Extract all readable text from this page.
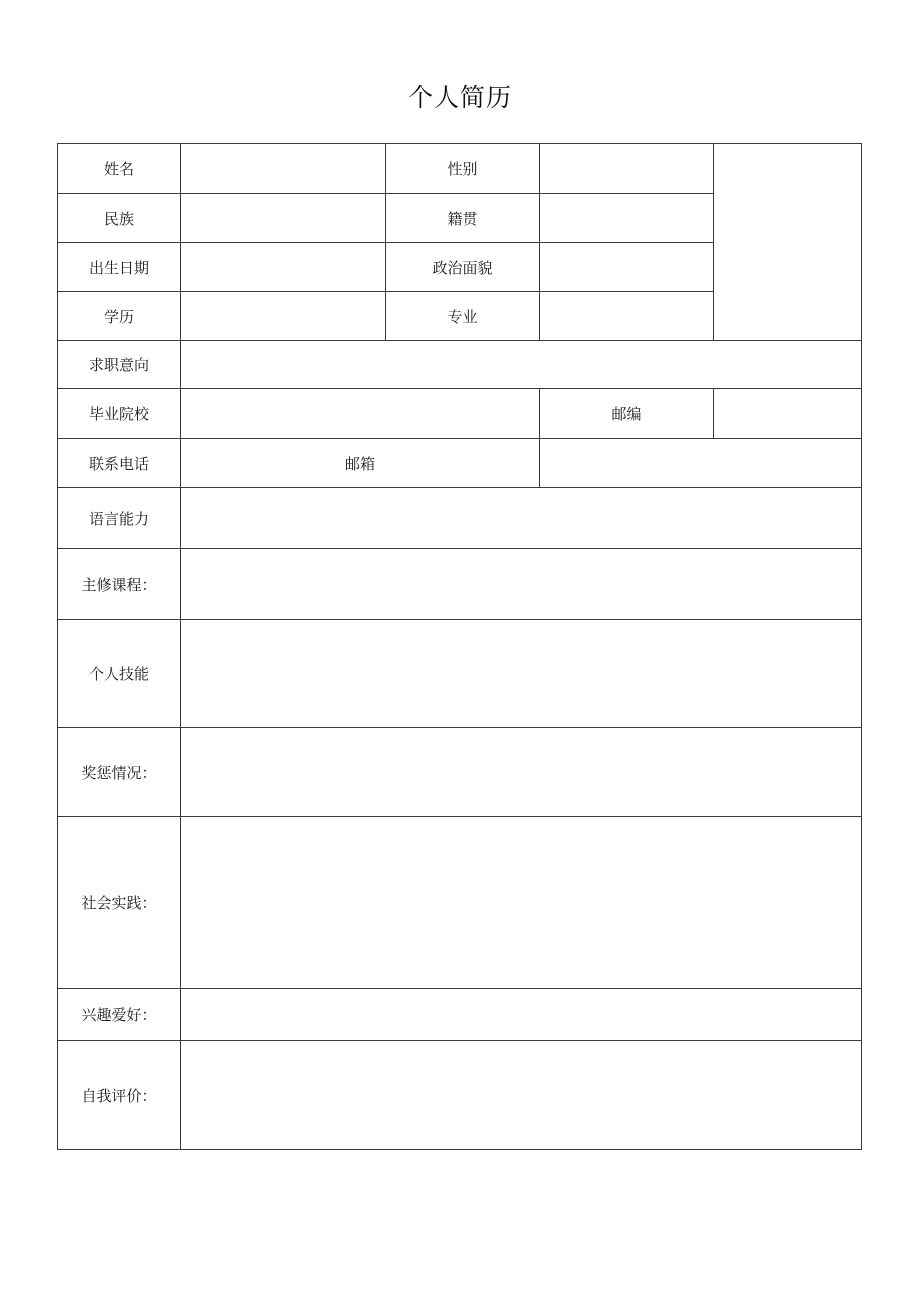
个人简历
姓名		性别		
民族		籍贯		
出生日期		政治面貌		
学历		专业		
求职意向				
毕业院校			邮编	
联系电话	邮箱			
语言能力				
主修课程：				
个人技能				
奖惩情况：				
社会实践：				
兴趣爱好：				
自我评价：				
